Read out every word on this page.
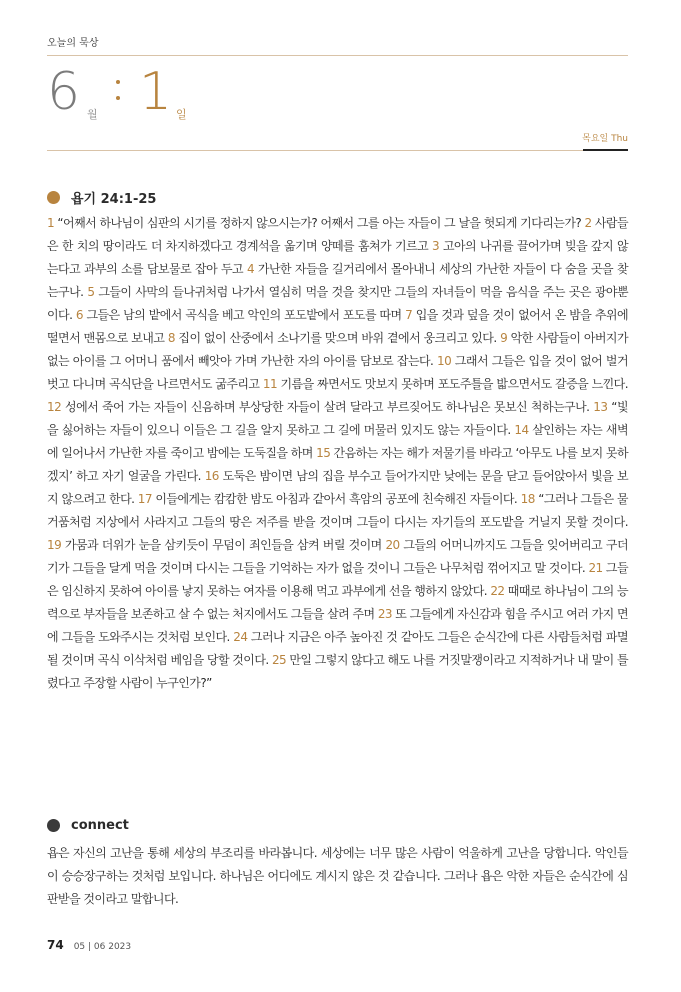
오늘의 묵상
6 월 1 일
목요일 Thu
욥기 24:1-25

1 “어째서 하나님이 심판의 시기를 정하지 않으시는가? 어째서 그를 아는 자들이 그 날을 헛되게 기다리는가? 2 사람들은 한 치의 땅이라도 더 차지하겠다고 경계석을 옮기며 양떼를 훔쳐가 기르고 3 고아의 나귀를 끌어가며 빚을 갚지 않는다고 과부의 소를 담보물로 잡아 두고 4 가난한 자들을 길거리에서 몰아내니 세상의 가난한 자들이 다 숨을 곳을 찾는구나. 5 그들이 사막의 들나귀처럼 나가서 열심히 먹을 것을 찾지만 그들의 자녀들이 먹을 음식을 주는 곳은 광야뿐이다. 6 그들은 남의 밭에서 곡식을 베고 악인의 포도밭에서 포도를 따며 7 입을 것과 덮을 것이 없어서 온 밤을 추위에 떨면서 맨몸으로 보내고 8 집이 없이 산중에서 소나기를 맞으며 바위 곁에서 웅크리고 있다. 9 악한 사람들이 아버지가 없는 아이를 그 어머니 품에서 빼앗아 가며 가난한 자의 아이를 담보로 잡는다. 10 그래서 그들은 입을 것이 없어 벌거벗고 다니며 곡식단을 나르면서도 굶주리고 11 기름을 짜면서도 맛보지 못하며 포도주틀을 밟으면서도 갈증을 느낀다. 12 성에서 죽어 가는 자들이 신음하며 부상당한 자들이 살려 달라고 부르짖어도 하나님은 못보신 척하는구나. 13 “빛을 싫어하는 자들이 있으니 이들은 그 길을 알지 못하고 그 길에 머물러 있지도 않는 자들이다. 14 살인하는 자는 새벽에 일어나서 가난한 자를 죽이고 밤에는 도둑질을 하며 15 간음하는 자는 해가 저물기를 바라고 ‘아무도 나를 보지 못하겠지’ 하고 자기 얼굴을 가린다. 16 도둑은 밤이면 남의 집을 부수고 들어가지만 낮에는 문을 닫고 들어앉아서 빛을 보지 않으려고 한다. 17 이들에게는 캄캄한 밤도 아침과 같아서 흑암의 공포에 친숙해진 자들이다. 18 “그러나 그들은 물거품처럼 지상에서 사라지고 그들의 땅은 저주를 받을 것이며 그들이 다시는 자기들의 포도밭을 거닐지 못할 것이다. 19 가뭄과 더위가 눈을 삼키듯이 무덤이 죄인들을 삼켜 버릴 것이며 20 그들의 어머니까지도 그들을 잊어버리고 구더기가 그들을 달게 먹을 것이며 다시는 그들을 기억하는 자가 없을 것이니 그들은 나무처럼 꺾어지고 말 것이다. 21 그들은 임신하지 못하여 아이를 낳지 못하는 여자를 이용해 먹고 과부에게 선을 행하지 않았다. 22 때때로 하나님이 그의 능력으로 부자들을 보존하고 살 수 없는 처지에서도 그들을 살려 주며 23 또 그들에게 자신감과 힘을 주시고 여러 가지 면에 그들을 도와주시는 것처럼 보인다. 24 그러나 지금은 아주 높아진 것 같아도 그들은 순식간에 다른 사람들처럼 파멸될 것이며 곡식 이삭처럼 베임을 당할 것이다. 25 만일 그렇지 않다고 해도 나를 거짓말쟁이라고 지적하거나 내 말이 틀렸다고 주장할 사람이 누구인가?”

connect

욥은 자신의 고난을 통해 세상의 부조리를 바라봅니다. 세상에는 너무 많은 사람이 억울하게 고난을 당합니다. 악인들이 승승장구하는 것처럼 보입니다. 하나님은 어디에도 계시지 않은 것 같습니다. 그러나 욥은 악한 자들은 순식간에 심판받을 것이라고 말합니다.

74 05 | 06 2023
